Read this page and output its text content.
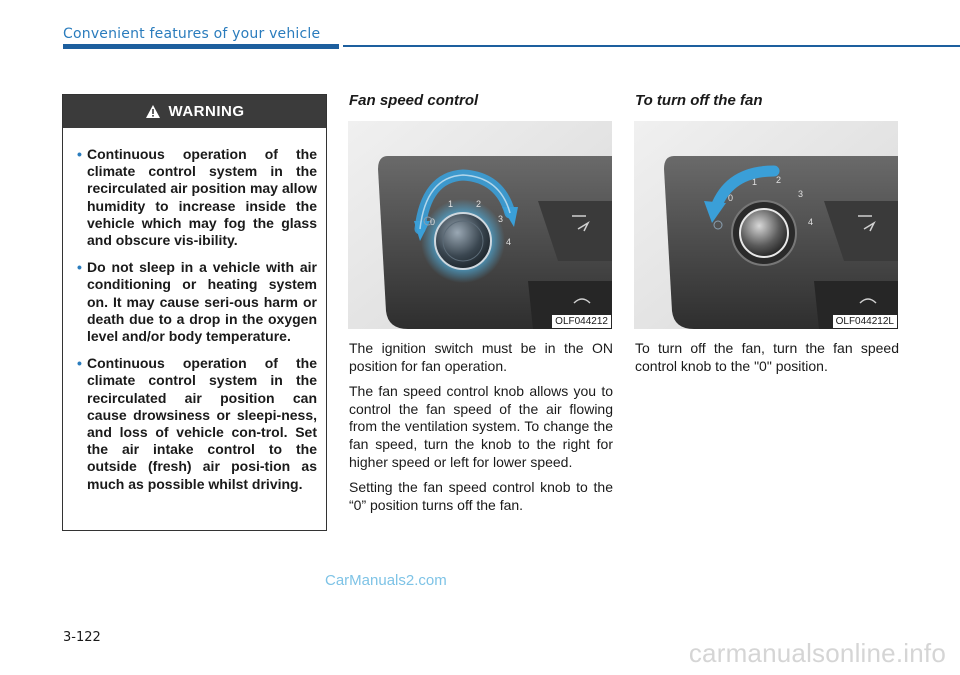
Convenient features of your vehicle
WARNING
• Continuous operation of the climate control system in the recirculated air position may allow humidity to increase inside the vehicle which may fog the glass and obscure vis-ibility.
• Do not sleep in a vehicle with air conditioning or heating system on. It may cause seri-ous harm or death due to a drop in the oxygen level and/or body temperature.
• Continuous operation of the climate control system in the recirculated air position can cause drowsiness or sleepi-ness, and loss of vehicle con-trol. Set the air intake control to the outside (fresh) air posi-tion as much as possible whilst driving.
Fan speed control
0
1	2
3
4
OLF044212

The ignition switch must be in the ON position for fan operation.

The fan speed control knob allows you to control the fan speed of the air flowing from the ventilation system. To change the fan speed, turn the knob to the right for higher speed or left for lower speed.

Setting the fan speed control knob to the “0” position turns off the fan.

To turn off the fan
0
1 2
3
4
OLF044212L

To turn off the fan, turn the fan speed control knob to the "0" position.

CarManuals2.com
3-122
carmanualsonline.info
